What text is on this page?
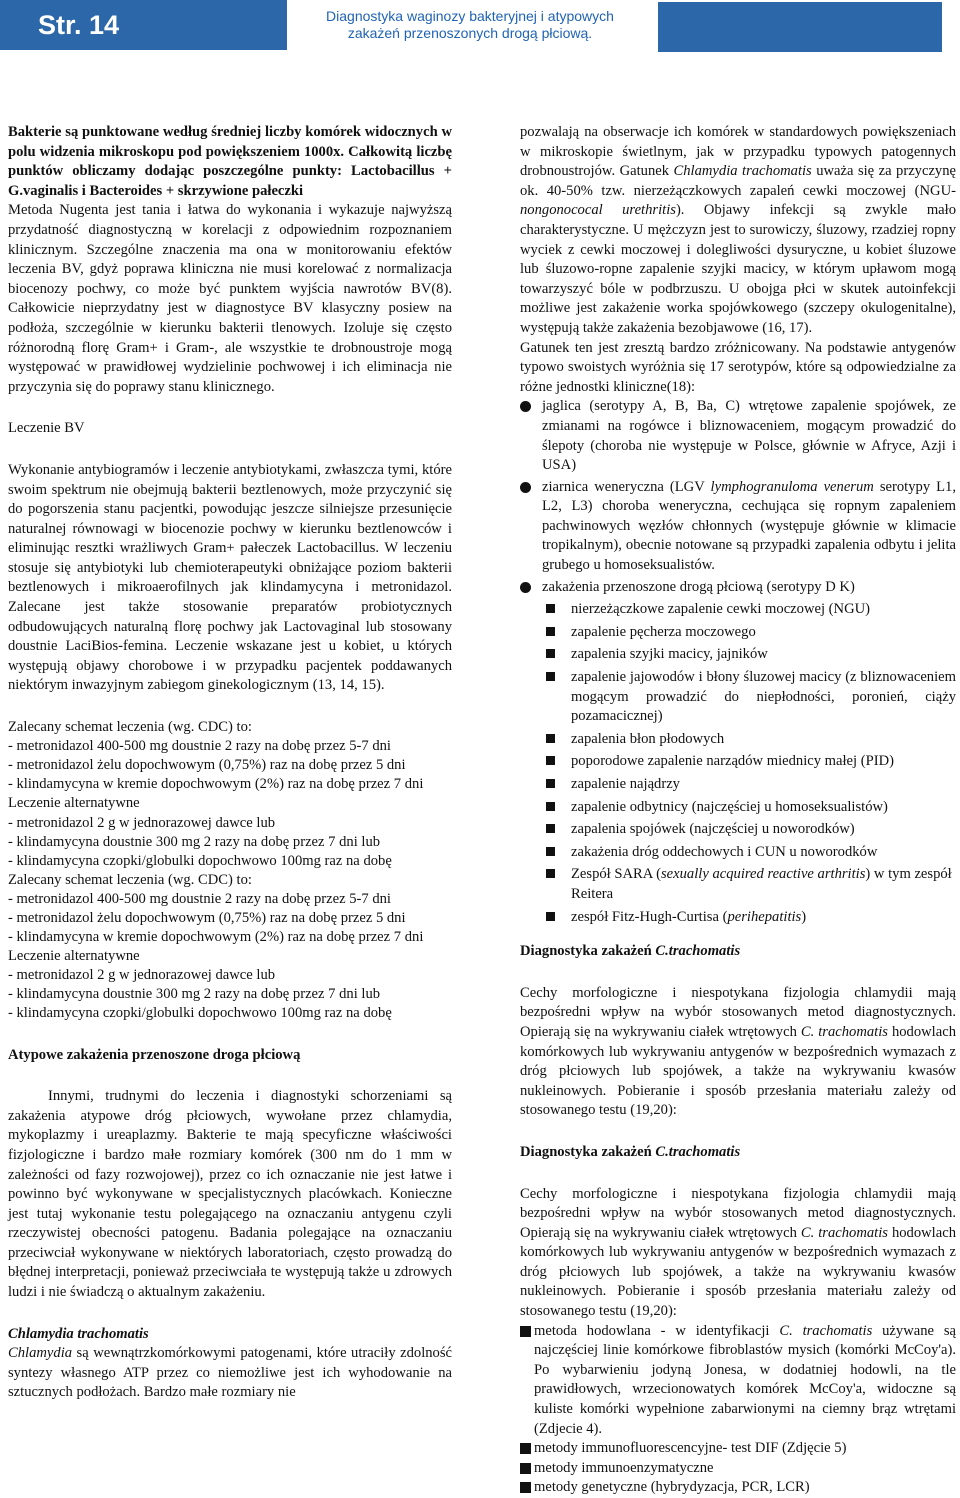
Str. 14	Diagnostyka waginozy bakteryjnej i atypowych
zakażeń przenoszonych drogą płciową.

Bakterie są punktowane według średniej liczby komórek widocznych w polu widzenia mikroskopu pod powiększeniem 1000x. Całkowitą liczbę punktów obliczamy dodając poszczególne punkty: Lactobacillus + G.vaginalis i Bacteroides + skrzywione pałeczki
Metoda Nugenta jest tania i łatwa do wykonania i wykazuje najwyższą przydatność diagnostyczną w korelacji z odpowiednim rozpoznaniem klinicznym. Szczególne znaczenia ma ona w monitorowaniu efektów leczenia BV, gdyż poprawa kliniczna nie musi korelować z normalizacja biocenozy pochwy, co może być punktem wyjścia nawrotów BV(8). Całkowicie nieprzydatny jest w diagnostyce BV klasyczny posiew na podłoża, szczególnie w kierunku bakterii tlenowych. Izoluje się często różnorodną florę Gram+ i Gram-, ale wszystkie te drobnoustroje mogą występować w prawidłowej wydzielinie pochwowej i ich eliminacja nie przyczynia się do poprawy stanu klinicznego.

Leczenie BV

Wykonanie antybiogramów i leczenie antybiotykami, zwłaszcza tymi, które swoim spektrum nie obejmują bakterii beztlenowych, może przyczynić się do pogorszenia stanu pacjentki, powodując jeszcze silniejsze przesunięcie naturalnej równowagi w biocenozie pochwy w kierunku beztlenowców i eliminując resztki wrażliwych Gram+ pałeczek Lactobacillus. W leczeniu stosuje się antybiotyki lub chemioterapeutyki obniżające poziom bakterii beztlenowych i mikroaerofilnych jak klindamycyna i metronidazol. Zalecane jest także stosowanie preparatów probiotycznych odbudowujących naturalną florę pochwy jak Lactovaginal lub stosowany doustnie LaciBios-femina. Leczenie wskazane jest u kobiet, u których występują objawy chorobowe i w przypadku pacjentek poddawanych niektórym inwazyjnym zabiegom ginekologicznym (13, 14, 15).

Zalecany schemat leczenia (wg. CDC) to:
- metronidazol 400-500 mg doustnie 2 razy na dobę przez 5-7 dni
- metronidazol żelu dopochwowym (0,75%) raz na dobę przez 5 dni
- klindamycyna w kremie dopochwowym (2%) raz na dobę przez 7 dni
Leczenie alternatywne
- metronidazol 2 g w jednorazowej dawce lub
- klindamycyna doustnie 300 mg 2 razy na dobę przez 7 dni lub
- klindamycyna czopki/globulki dopochwowo 100mg raz na dobę
Zalecany schemat leczenia (wg. CDC) to:
- metronidazol 400-500 mg doustnie 2 razy na dobę przez 5-7 dni
- metronidazol żelu dopochwowym (0,75%) raz na dobę przez 5 dni
- klindamycyna w kremie dopochwowym (2%) raz na dobę przez 7 dni
Leczenie alternatywne
- metronidazol 2 g w jednorazowej dawce lub
- klindamycyna doustnie 300 mg 2 razy na dobę przez 7 dni lub
- klindamycyna czopki/globulki dopochwowo 100mg raz na dobę

Atypowe zakażenia przenoszone droga płciową

Innymi, trudnymi do leczenia i diagnostyki schorzeniami są zakażenia atypowe dróg płciowych, wywołane przez chlamydia, mykoplazmy i ureaplazmy. Bakterie te mają specyficzne właściwości fizjologiczne i bardzo małe rozmiary komórek (300 nm do 1 mm w zależności od fazy rozwojowej), przez co ich oznaczanie nie jest łatwe i powinno być wykonywane w specjalistycznych placówkach. Konieczne jest tutaj wykonanie testu polegającego na oznaczaniu antygenu czyli rzeczywistej obecności patogenu. Badania polegające na oznaczaniu przeciwciał wykonywane w niektórych laboratoriach, często prowadzą do błędnej interpretacji, ponieważ przeciwciała te występują także u zdrowych ludzi i nie świadczą o aktualnym zakażeniu.

Chlamydia trachomatis

Chlamydia są wewnątrzkomórkowymi patogenami, które utraciły zdolność syntezy własnego ATP przez co niemożliwe jest ich wyhodowanie na sztucznych podłożach. Bardzo małe rozmiary nie

pozwalają na obserwacje ich komórek w standardowych powiększeniach w mikroskopie świetlnym, jak w przypadku typowych patogennych drobnoustrojów. Gatunek Chlamydia trachomatis uważa się za przyczynę ok. 40-50% tzw. nierzeżączkowych zapaleń cewki moczowej (NGU- nongonococal urethritis). Objawy infekcji są zwykle mało charakterystyczne. U mężczyzn jest to surowiczy, śluzowy, rzadziej ropny wyciek z cewki moczowej i dolegliwości dysuryczne, u kobiet śluzowe lub śluzowo-ropne zapalenie szyjki macicy, w którym upławom mogą towarzyszyć bóle w podbrzuszu. U obojga płci w skutek autoinfekcji możliwe jest zakażenie worka spojówkowego (szczepy okulogenitalne), występują także zakażenia bezobjawowe (16, 17).

Gatunek ten jest zresztą bardzo zróżnicowany. Na podstawie antygenów typowo swoistych wyróżnia się 17 serotypów, które są odpowiedzialne za różne jednostki kliniczne(18):

jaglica (serotypy A, B, Ba, C) wtrętowe zapalenie spojówek, ze zmianami na rogówce i bliznowaceniem, mogącym prowadzić do ślepoty (choroba nie występuje w Polsce, głównie w Afryce, Azji i USA)
ziarnica weneryczna (LGV lymphogranuloma venerum serotypy L1, L2, L3) choroba weneryczna, cechująca się ropnym zapaleniem pachwinowych węzłów chłonnych (występuje głównie w klimacie tropikalnym), obecnie notowane są przypadki zapalenia odbytu i jelita grubego u homoseksualistów.
zakażenia przenoszone drogą płciową (serotypy D K)
nierzeżączkowe zapalenie cewki moczowej (NGU)
zapalenie pęcherza moczowego
zapalenia szyjki macicy, jajników
zapalenie jajowodów i błony śluzowej macicy (z bliznowaceniem mogącym prowadzić do niepłodności, poronień, ciąży pozamacicznej)
zapalenia błon płodowych
poporodowe zapalenie narządów miednicy małej (PID)
zapalenie najądrzy
zapalenie odbytnicy (najczęściej u homoseksualistów)
zapalenia spojówek (najczęściej u noworodków)
zakażenia dróg oddechowych i CUN u noworodków
Zespół SARA (sexually acquired reactive arthritis) w tym zespół Reitera
zespół Fitz-Hugh-Curtisa (perihepatitis)

Diagnostyka zakażeń C.trachomatis

Cechy morfologiczne i niespotykana fizjologia chlamydii mają bezpośredni wpływ na wybór stosowanych metod diagnostycznych. Opierają się na wykrywaniu ciałek wtrętowych C. trachomatis hodowlach komórkowych lub wykrywaniu antygenów w bezpośrednich wymazach z dróg płciowych lub spojówek, a także na wykrywaniu kwasów nukleinowych. Pobieranie i sposób przesłania materiału zależy od stosowanego testu (19,20):

Diagnostyka zakażeń C.trachomatis

Cechy morfologiczne i niespotykana fizjologia chlamydii mają bezpośredni wpływ na wybór stosowanych metod diagnostycznych. Opierają się na wykrywaniu ciałek wtrętowych C. trachomatis hodowlach komórkowych lub wykrywaniu antygenów w bezpośrednich wymazach z dróg płciowych lub spojówek, a także na wykrywaniu kwasów nukleinowych. Pobieranie i sposób przesłania materiału zależy od stosowanego testu (19,20):

metoda hodowlana - w identyfikacji C. trachomatis używane są najczęściej linie komórkowe fibroblastów mysich (komórki McCoy'a). Po wybarwieniu jodyną Jonesa, w dodatniej hodowli, na tle prawidłowych, wrzecionowatych komórek McCoy'a, widoczne są kuliste komórki wypełnione zabarwionymi na ciemny brąz wtrętami (Zdjecie 4).
metody immunofluorescencyjne- test DIF (Zdjęcie 5)
metody immunoenzymatyczne
metody genetyczne (hybrydyzacja, PCR, LCR)
